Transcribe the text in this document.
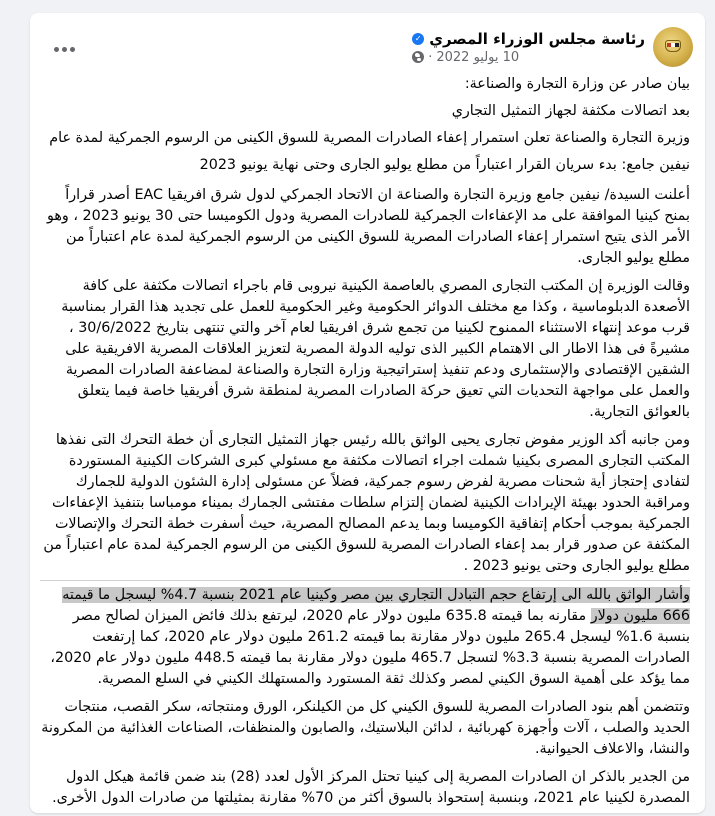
رئاسة مجلس الوزراء المصري
✓
10 يوليو 2022
·

بيان صادر عن وزارة التجارة والصناعة:

بعد اتصالات مكثفة لجهاز التمثيل التجاري

وزيرة التجارة والصناعة تعلن استمرار إعفاء الصادرات المصرية للسوق الكينى من الرسوم الجمركية لمدة عام

نيفين جامع: بدء سريان القرار اعتباراً من مطلع يوليو الجارى وحتى نهاية يونيو 2023

أعلنت السيدة/ نيفين جامع وزيرة التجارة والصناعة ان الاتحاد الجمركي لدول شرق افريقيا EAC أصدر قراراً بمنح كينيا الموافقة على مد الإعفاءات الجمركية للصادرات المصرية ودول الكوميسا حتى 30 يونيو 2023 ، وهو الأمر الذى يتيح استمرار إعفاء الصادرات المصرية للسوق الكينى من الرسوم الجمركية لمدة عام اعتباراً من مطلع يوليو الجارى.

وقالت الوزيرة إن المكتب التجارى المصري بالعاصمة الكينية نيروبى قام باجراء اتصالات مكثفة على كافة الأصعدة الدبلوماسية ، وكذا مع مختلف الدوائر الحكومية وغير الحكومية للعمل على تجديد هذا القرار بمناسبة قرب موعد إنتهاء الاستثناء الممنوح لكينيا من تجمع شرق افريقيا لعام آخر والتي تنتهى بتاريخ 30/6/2022 ، مشيرةً فى هذا الاطار الى الاهتمام الكبير الذى توليه الدولة المصرية لتعزيز العلاقات المصرية الافريقية على الشقين الإقتصادى والإستثمارى ودعم تنفيذ إستراتيجية وزارة التجارة والصناعة لمضاعفة الصادرات المصرية والعمل على مواجهة التحديات التي تعيق حركة الصادرات المصرية لمنطقة شرق أفريقيا خاصة فيما يتعلق بالعوائق التجارية.

ومن جانبه أكد الوزير مفوض تجارى يحيى الواثق بالله رئيس جهاز التمثيل التجارى أن خطة التحرك التى نفذها المكتب التجارى المصرى بكينيا شملت اجراء اتصالات مكثفة مع مسئولي كبرى الشركات الكينية المستوردة لتفادى إحتجاز أية شحنات مصرية لفرض رسوم جمركية، فضلاً عن مسئولى إدارة الشئون الدولية للجمارك ومراقبة الحدود بهيئة الإيرادات الكينية لضمان إلتزام سلطات مفتشى الجمارك بميناء مومباسا بتنفيذ الإعفاءات الجمركية بموجب أحكام إتفاقية الكوميسا وبما يدعم المصالح المصرية، حيث أسفرت خطة التحرك والإتصالات المكثفة عن صدور قرار بمد إعفاء الصادرات المصرية للسوق الكينى من الرسوم الجمركية لمدة عام اعتباراً من مطلع يوليو الجارى وحتى يونيو 2023 .

وأشار الواثق بالله الى إرتفاع حجم التبادل التجاري بين مصر وكينيا عام 2021 بنسبة 4.7% ليسجل ما قيمته 666 مليون دولار مقارنه بما قيمته 635.8 مليون دولار عام 2020، ليرتفع بذلك فائض الميزان لصالح مصر بنسبة 1.6% ليسجل 265.4 مليون دولار مقارنة بما قيمته 261.2 مليون دولار عام 2020، كما إرتفعت الصادرات المصرية بنسبة 3.3% لتسجل 465.7 مليون دولار مقارنة بما قيمته 448.5 مليون دولار عام 2020، مما يؤكد على أهمية السوق الكيني لمصر وكذلك ثقة المستورد والمستهلك الكيني في السلع المصرية.

وتتضمن أهم بنود الصادرات المصرية للسوق الكيني كل من الكيلنكر، الورق ومنتجاته، سكر القصب، منتجات الحديد والصلب ، آلات وأجهزة كهربائية ، لدائن البلاستيك، والصابون والمنظفات، الصناعات الغذائية من المكرونة والنشا، والاعلاف الحيوانية.

من الجدير بالذكر ان الصادرات المصرية إلى كينيا تحتل المركز الأول لعدد (28) بند ضمن قائمة هيكل الدول المصدرة لكينيا عام 2021، وبنسبة إستحواذ بالسوق أكثر من 70% مقارنة بمثيلتها من صادرات الدول الأخرى.
